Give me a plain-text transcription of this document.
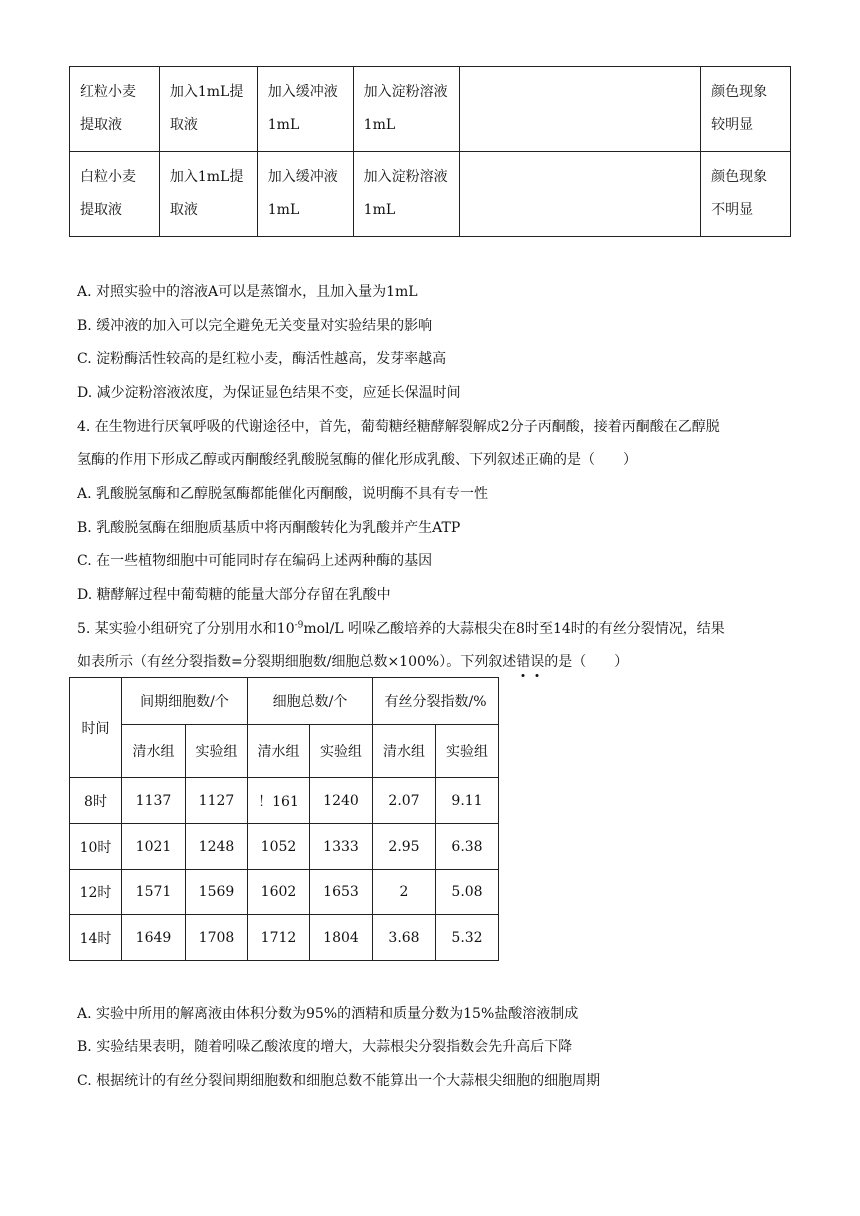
红粒小麦提取液	加入1mL提取液	加入缓冲液1mL	加入淀粉溶液1mL		颜色现象较明显
白粒小麦提取液	加入1mL提取液	加入缓冲液1mL	加入淀粉溶液1mL		颜色现象不明显
A. 对照实验中的溶液A可以是蒸馏水，且加入量为1mL
B. 缓冲液的加入可以完全避免无关变量对实验结果的影响
C. 淀粉酶活性较高的是红粒小麦，酶活性越高，发芽率越高
D. 减少淀粉溶液浓度，为保证显色结果不变，应延长保温时间
4. 在生物进行厌氧呼吸的代谢途径中，首先，葡萄糖经糖酵解裂解成2分子丙酮酸，接着丙酮酸在乙醇脱
氢酶的作用下形成乙醇或丙酮酸经乳酸脱氢酶的催化形成乳酸、下列叙述正确的是（　　）
A. 乳酸脱氢酶和乙醇脱氢酶都能催化丙酮酸，说明酶不具有专一性
B. 乳酸脱氢酶在细胞质基质中将丙酮酸转化为乳酸并产生ATP
C. 在一些植物细胞中可能同时存在编码上述两种酶的基因
D. 糖酵解过程中葡萄糖的能量大部分存留在乳酸中
5. 某实验小组研究了分别用水和$10^{-9}mol/L$ 吲哚乙酸培养的大蒜根尖在8时至14时的有丝分裂情况，结果
如表所示（有丝分裂指数=分裂期细胞数/细胞总数×100%）。下列叙述错误
的是（　　）
时间	间期细胞数/个		细胞总数/个		有丝分裂指数/%	
	清水组	实验组	清水组	实验组	清水组	实验组
8时	1137	1127	！161	1240	2.07	9.11
10时	1021	1248	1052	1333	2.95	6.38
12时	1571	1569	1602	1653	2	5.08
14时	1649	1708	1712	1804	3.68	5.32
A. 实验中所用的解离液由体积分数为95%的酒精和质量分数为15%盐酸溶液制成
B. 实验结果表明，随着吲哚乙酸浓度的增大，大蒜根尖分裂指数会先升高后下降
C. 根据统计的有丝分裂间期细胞数和细胞总数不能算出一个大蒜根尖细胞的细胞周期
